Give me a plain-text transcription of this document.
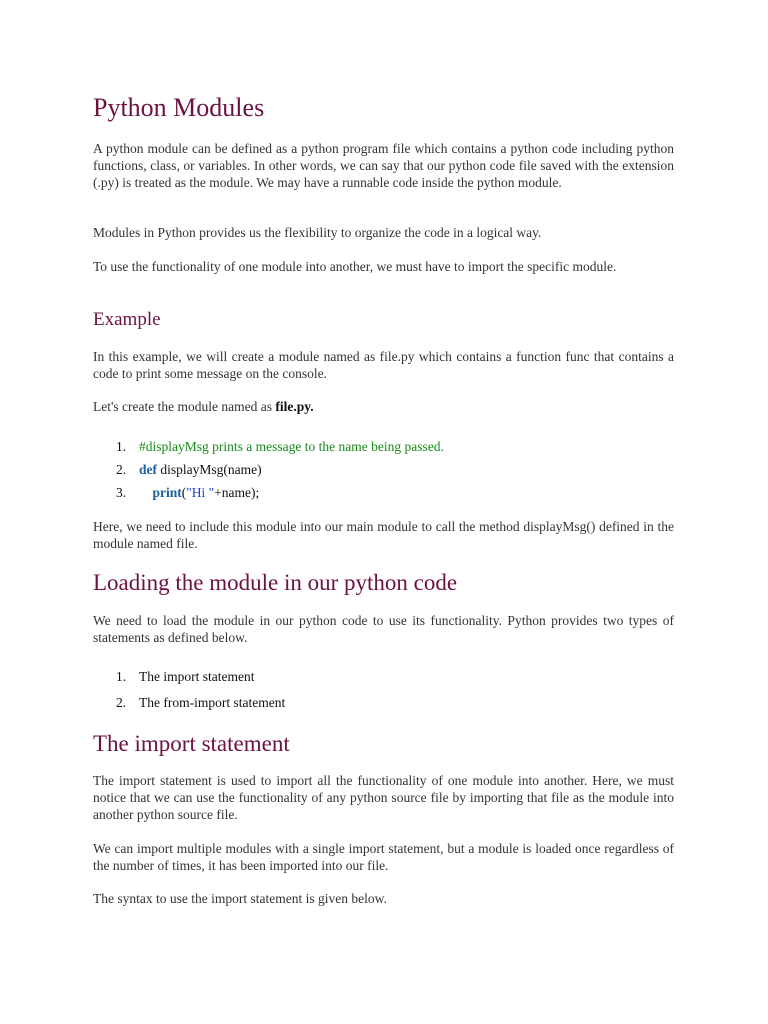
Python Modules

A python module can be defined as a python program file which contains a python code including python functions, class, or variables. In other words, we can say that our python code file saved with the extension (.py) is treated as the module. We may have a runnable code inside the python module.

Modules in Python provides us the flexibility to organize the code in a logical way.

To use the functionality of one module into another, we must have to import the specific module.

Example

In this example, we will create a module named as file.py which contains a function func that contains a code to print some message on the console.

Let's create the module named as file.py.

1. #displayMsg prints a message to the name being passed.
2. def displayMsg(name)
3. print("Hi "+name);

Here, we need to include this module into our main module to call the method displayMsg() defined in the module named file.

Loading the module in our python code

We need to load the module in our python code to use its functionality. Python provides two types of statements as defined below.

1. The import statement
2. The from-import statement
The import statement

The import statement is used to import all the functionality of one module into another. Here, we must notice that we can use the functionality of any python source file by importing that file as the module into another python source file.

We can import multiple modules with a single import statement, but a module is loaded once regardless of the number of times, it has been imported into our file.

The syntax to use the import statement is given below.
